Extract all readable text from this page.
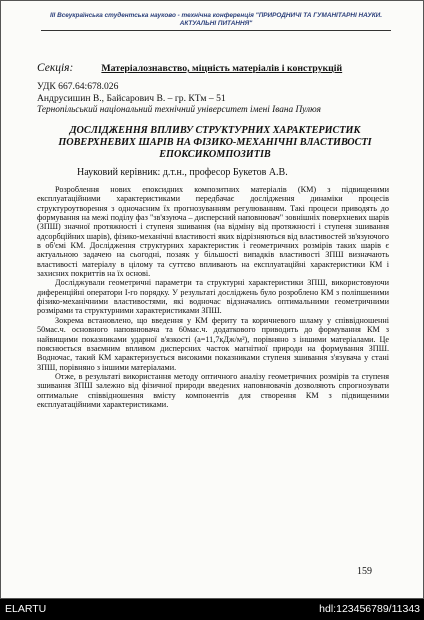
ІІІ Всеукраїнська студентська науково - технічна конференція "ПРИРОДНИЧІ ТА ГУМАНІТАРНІ НАУКИ. АКТУАЛЬНІ ПИТАННЯ"
Секція:	Матеріалознавство, міцність матеріалів і конструкцій
УДК 667.64:678.026
Андрусишин В., Байсарович В. – гр. КТм – 51
Тернопільський національний технічний університет імені Івана Пулюя
ДОСЛІДЖЕННЯ ВПЛИВУ СТРУКТУРНИХ ХАРАКТЕРИСТИК ПОВЕРХНЕВИХ ШАРІВ НА ФІЗИКО-МЕХАНІЧНІ ВЛАСТИВОСТІ ЕПОКСИКОМПОЗИТІВ
Науковий керівник: д.т.н., професор Букетов А.В.

Розроблення нових епоксидних композитних матеріалів (КМ) з підвищеними експлуатаційними характеристиками передбачає дослідження динаміки процесів структуроутворення з одночасним їх прогнозуванням регулюванням. Такі процеси приводять до формування на межі поділу фаз "зв'язуюча – дисперсний наповнювач" зовнішніх поверхневих шарів (ЗПШ) значної протяжності і ступеня зшивання (на відміну від протяжності і ступеня зшивання адсорбційних шарів), фізико-механічні властивості яких відрізняються від властивостей зв'язуючого в об'ємі КМ. Дослідження структурних характеристик і геометричних розмірів таких шарів є актуальною задачею на сьогодні, позаяк у більшості випадків властивості ЗПШ визначають властивості матеріалу в цілому та суттєво впливають на експлуатаційні характеристики КМ і захисних покриттів на їх основі.

Досліджували геометричні параметри та структурні характеристики ЗПШ, використовуючи диференційні оператори І-го порядку. У результаті досліджень було розроблено КМ з поліпшеними фізико-механічними властивостями, які водночас відзначались оптимальними геометричними розмірами та структурними характеристиками ЗПШ.

Зокрема встановлено, що введення у КМ фериту та коричневого шламу у співвідношенні 50мас.ч. основного наповнювача та 60мас.ч. додаткового приводить до формування КМ з найвищими показниками ударної в'язкості (a=11,7кДж/м²), порівняно з іншими матеріалами. Це пояснюється взаємним впливом дисперсних часток магнітної природи на формування ЗПШ. Водночас, такий КМ характеризується високими показниками ступеня зшивання з'язувача у стані ЗПШ, порівняно з іншими матеріалами.

Отже, в результаті використання методу оптичного аналізу геометричних розмірів та ступеня зшивання ЗПШ залежно від фізичної природи введених наповнювачів дозволяють спрогнозувати оптимальне співвідношення вмісту компонентів для створення КМ з підвищеними експлуатаційними характеристиками.

159
ELARTU	hdl:123456789/11343
